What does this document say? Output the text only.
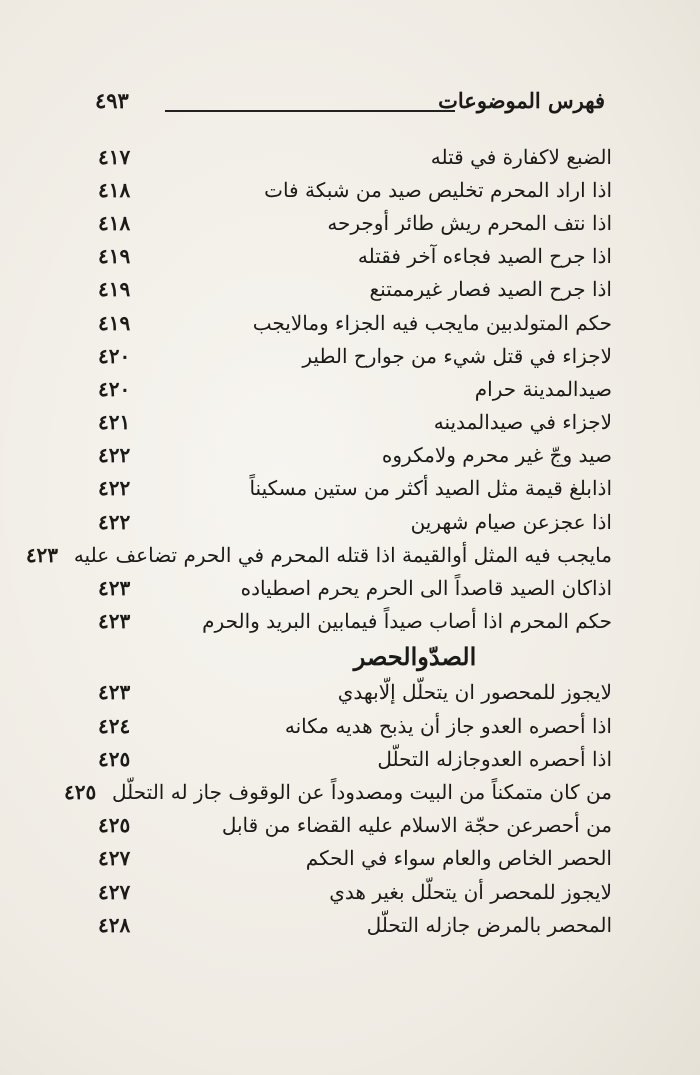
فهرس الموضوعات
٤٩٣
الضبع لاكفارة في قتله
٤١٧
اذا اراد المحرم تخليص صيد من شبكة فات
٤١٨
اذا نتف المحرم ريش طائر أوجرحه
٤١٨
اذا جرح الصيد فجاءه آخر فقتله
٤١٩
اذا جرح الصيد فصار غيرممتنع
٤١٩
حكم المتولدبين مايجب فيه الجزاء ومالايجب
٤١٩
لاجزاء في قتل شيء من جوارح الطير
٤٢٠
صيدالمدينة حرام
٤٢٠
لاجزاء في صيدالمدينه
٤٢١
صيد وجّ غير محرم ولامكروه
٤٢٢
اذابلغ قيمة مثل الصيد أكثر من ستين مسكيناً
٤٢٢
اذا عجزعن صيام شهرين
٤٢٢
مايجب فيه المثل أوالقيمة اذا قتله المحرم في الحرم تضاعف عليه
٤٢٣
اذاكان الصيد قاصداً الى الحرم يحرم اصطياده
٤٢٣
حكم المحرم اذا أصاب صيداً فيمابين البريد والحرم
٤٢٣
الصدّوالحصر
لايجوز للمحصور ان يتحلّل إلّابهدي
٤٢٣
اذا أحصره العدو جاز أن يذبح هديه مكانه
٤٢٤
اذا أحصره العدوجازله التحلّل
٤٢٥
من كان متمكناً من البيت ومصدوداً عن الوقوف جاز له التحلّل
٤٢٥
من أحصرعن حجّة الاسلام عليه القضاء من قابل
٤٢٥
الحصر الخاص والعام سواء في الحكم
٤٢٧
لايجوز للمحصر أن يتحلّل بغير هدي
٤٢٧
المحصر بالمرض جازله التحلّل
٤٢٨
